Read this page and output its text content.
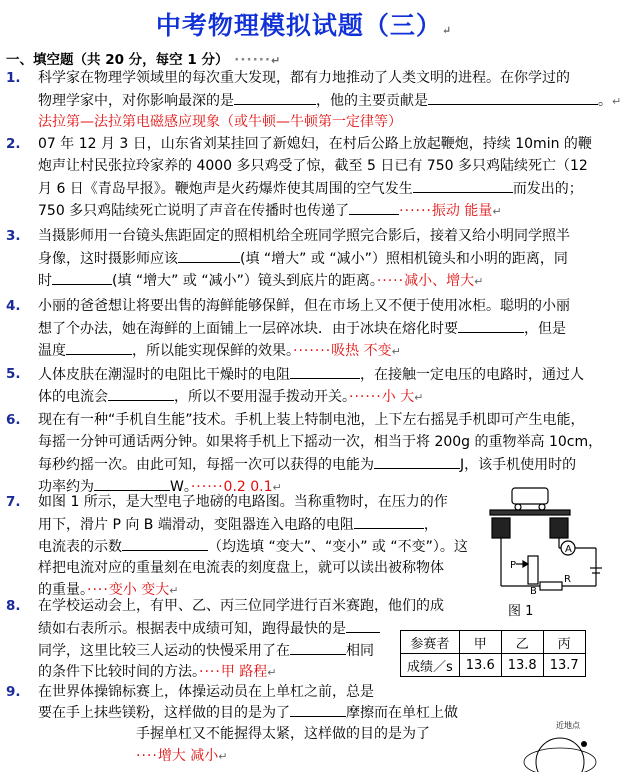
中考物理模拟试题（三）↵
一、填空题（共 20 分，每空 1 分） ······↵
1. 科学家在物理学领域里的每次重大发现，都有力地推动了人类文明的进程。在你学过的
物理学家中，对你影响最深的是	，他的主要贡献是	。↵
法拉第—法拉第电磁感应现象（或牛顿—牛顿第一定律等）
2. 07 年 12 月 3 日，山东省刘某挂回了新媳妇，在村后公路上放起鞭炮，持续 10min 的鞭
炮声让村民张拉玲家养的 4000 多只鸡受了惊，截至 5 日已有 750 多只鸡陆续死亡（12
月 6 日《青岛早报》。鞭炮声是火药爆炸使其周围的空气发生	而发出的；
750 多只鸡陆续死亡说明了声音在传播时也传递了	······振动 能量↵
3. 当摄影师用一台镜头焦距固定的照相机给全班同学照完合影后，接着又给小明同学照半
身像，这时摄影师应该	(填 “增大” 或 “减小”）照相机镜头和小明的距离，同
时	(填 “增大” 或 “减小”）镜头到底片的距离。·····减小、增大↵
4. 小丽的爸爸想让将要出售的海鲜能够保鲜，但在市场上又不便于使用冰柜。聪明的小丽
想了个办法，她在海鲜的上面铺上一层碎冰块．由于冰块在熔化时要	，但是
温度	，所以能实现保鲜的效果。·······吸热 不变↵
5. 人体皮肤在潮湿时的电阻比干燥时的电阻	，在接触一定电压的电路时，通过人
体的电流会	，所以不要用湿手拨动开关。······小 大↵
6. 现在有一种“手机自生能”技术。手机上装上特制电池，上下左右摇晃手机即可产生电能，
每摇一分钟可通话两分钟。如果将手机上下摇动一次，相当于将 200g 的重物举高 10cm，
每秒约摇一次。由此可知，每摇一次可以获得的电能为	J，该手机使用时的
功率约为	W。······0.2 0.1↵
7. 如图 1 所示，是大型电子地磅的电路图。当称重物时，在压力的作
用下，滑片 P 向 B 端滑动，变阻器连入电路的电阻	，
电流表的示数	（均选填 “变大”、“变小” 或 “不变”）。这
样把电流对应的重量刻在电流表的刻度盘上，就可以读出被称物体
的重量。····变小 变大↵
A
P
B
R
图 1
8. 在学校运动会上，有甲、乙、丙三位同学进行百米赛跑，他们的成
绩如右表所示。根据表中成绩可知，跑得最快的是
同学，这里比较三人运动的快慢采用了在	相同
的条件下比较时间的方法。····甲 路程↵
参赛者	甲	乙	丙
成绩／s	13.6	13.8	13.7
9. 在世界体操锦标赛上，体操运动员在上单杠之前，总是
要在手上抹些镁粉，这样做的目的是为了	摩擦而在单杠上做
手握单杠又不能握得太紧，这样做的目的是为了
····增大 减小↵
近地点
